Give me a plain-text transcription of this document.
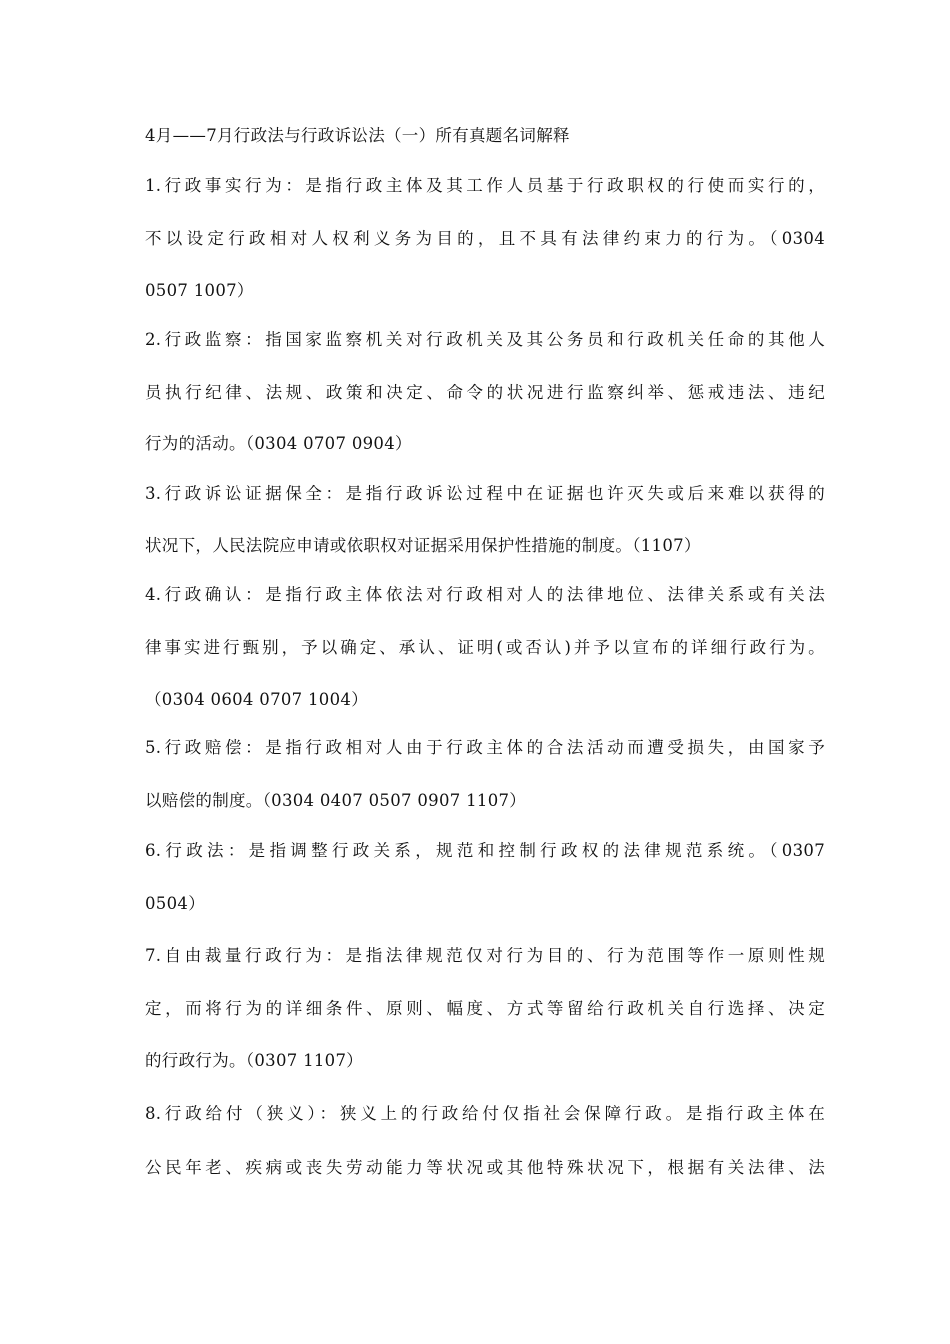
4月——7月行政法与行政诉讼法（一）所有真题名词解释
1.行政事实行为：是指行政主体及其工作人员基于行政职权的行使而实行的，
不以设定行政相对人权利义务为目的，且不具有法律约束力的行为。（0304
0507 1007）
2.行政监察：指国家监察机关对行政机关及其公务员和行政机关任命的其他人
员执行纪律、法规、政策和决定、命令的状况进行监察纠举、惩戒违法、违纪
行为的活动。（0304 0707 0904）
3.行政诉讼证据保全：是指行政诉讼过程中在证据也许灭失或后来难以获得的
状况下，人民法院应申请或依职权对证据采用保护性措施的制度。（1107）
4.行政确认：是指行政主体依法对行政相对人的法律地位、法律关系或有关法
律事实进行甄别，予以确定、承认、证明(或否认)并予以宣布的详细行政行为。
（0304 0604 0707 1004）
5.行政赔偿：是指行政相对人由于行政主体的合法活动而遭受损失，由国家予
以赔偿的制度。（0304 0407 0507 0907 1107）
6.行政法：是指调整行政关系，规范和控制行政权的法律规范系统。（0307
0504）
7.自由裁量行政行为：是指法律规范仅对行为目的、行为范围等作一原则性规
定，而将行为的详细条件、原则、幅度、方式等留给行政机关自行选择、决定
的行政行为。（0307 1107）
8.行政给付（狭义）：狭义上的行政给付仅指社会保障行政。是指行政主体在
公民年老、疾病或丧失劳动能力等状况或其他特殊状况下，根据有关法律、法
